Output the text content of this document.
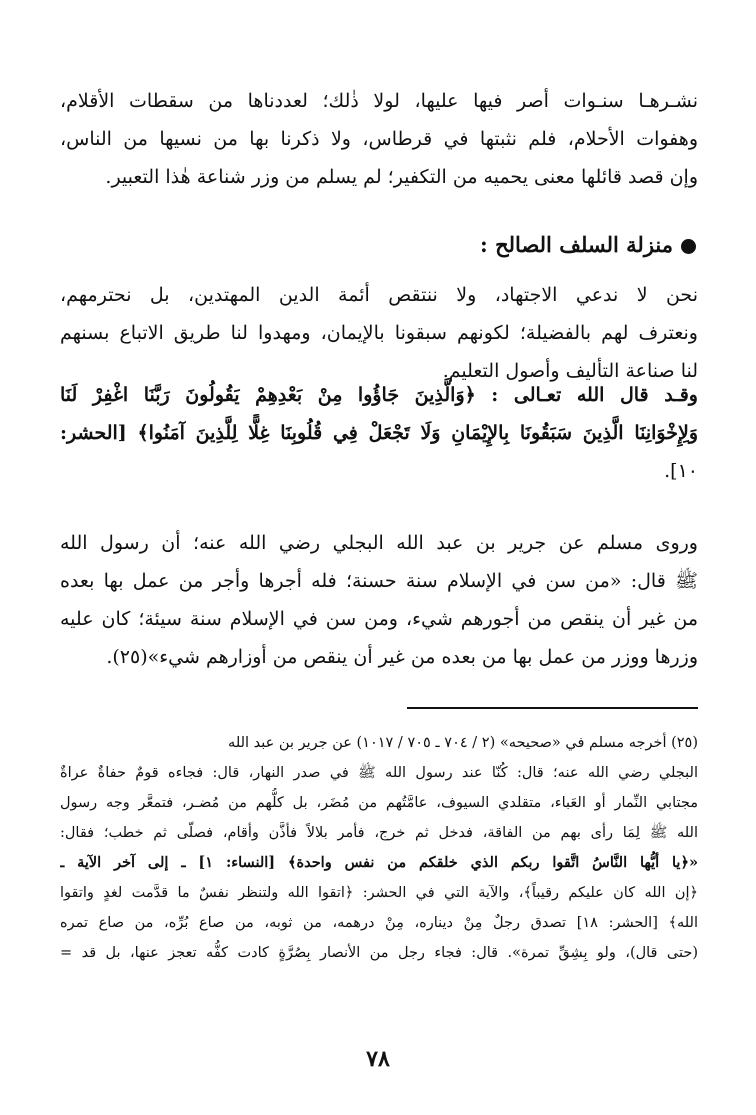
نشـرهـا سنـوات أصر فيها عليها، لولا ذٰلك؛ لعددناها من سقطات الأقلام،
وهفوات الأحلام، فلم نثبتها في قرطاس، ولا ذكرنا بها من نسيها من الناس،
وإن قصد قائلها معنى يحميه من التكفير؛ لم يسلم من وزر شناعة هٰذا التعبير.
منزلة السلف الصالح :
نحن لا ندعي الاجتهاد، ولا ننتقص أئمة الدين المهتدين، بل نحترمهم،
ونعترف لهم بالفضيلة؛ لكونهم سبقونا بالإيمان، ومهدوا لنا طريق الاتباع بسنهم
لنا صناعة التأليف وأصول التعليم.
وقـد قال الله تعـالى : ﴿وَالَّذِينَ جَاؤُوا مِنْ بَعْدِهِمْ يَقُولُونَ رَبَّنَا اغْفِرْ لَنَا
وَلِإِخْوَانِنَا الَّذِينَ سَبَقُونَا بِالإِيْمَانِ وَلَا تَجْعَلْ فِي قُلُوبِنَا غِلًّا لِلَّذِينَ آمَنُوا﴾ [الحشر:
١٠].
وروى مسلم عن جرير بن عبد الله البجلي رضي الله عنه؛ أن رسول الله
ﷺ قال: «من سن في الإسلام سنة حسنة؛ فله أجرها وأجر من عمل بها بعده
من غير أن ينقص من أجورهم شيء، ومن سن في الإسلام سنة سيئة؛ كان عليه
وزرها ووزر من عمل بها من بعده من غير أن ينقص من أوزارهم شيء»(٢٥).
(٢٥) أخرجه مسلم في «صحيحه» (٢ / ٧٠٤ ـ ٧٠٥ / ١٠١٧) عن جرير بن عبد الله
البجلي رضي الله عنه؛ قال: كُنّا عند رسول الله ﷺ في صدر النهار، قال: فجاءه قومٌ حفاةٌ عراةٌ
مجتابي النِّمار أو العَباء، متقلدي السيوف، عامَّتُهم من مُضَر، بل كلُّهم من مُضـر، فتمعَّر وجه رسول
الله ﷺ لِمَا رأى بهم من الفاقة، فدخل ثم خرج، فأمر بلالاً فأذَّن وأقام، فصلّى ثم خطب؛ فقال:
«﴿يا أيُّها النَّاسُ اتَّقوا ربكم الذي خلقكم من نفس واحدة﴾ [النساء: ١] ـ إلى آخر الآية ـ
﴿إن الله كان عليكم رقيباً﴾، والآية التي في الحشر: ﴿اتقوا الله ولتنظر نفسٌ ما قدَّمت لغدٍ واتقوا
الله﴾ [الحشر: ١٨] تصدق رجلٌ مِنْ ديناره، مِنْ درهمه، من ثوبه، من صاع بُرِّه، من صاع تمره
(حتى قال)، ولو بِشِقِّ تمرة». قال: فجاء رجل من الأنصار بِصُرَّةٍ كادت كفُّه تعجز عنها، بل قد =
٧٨
